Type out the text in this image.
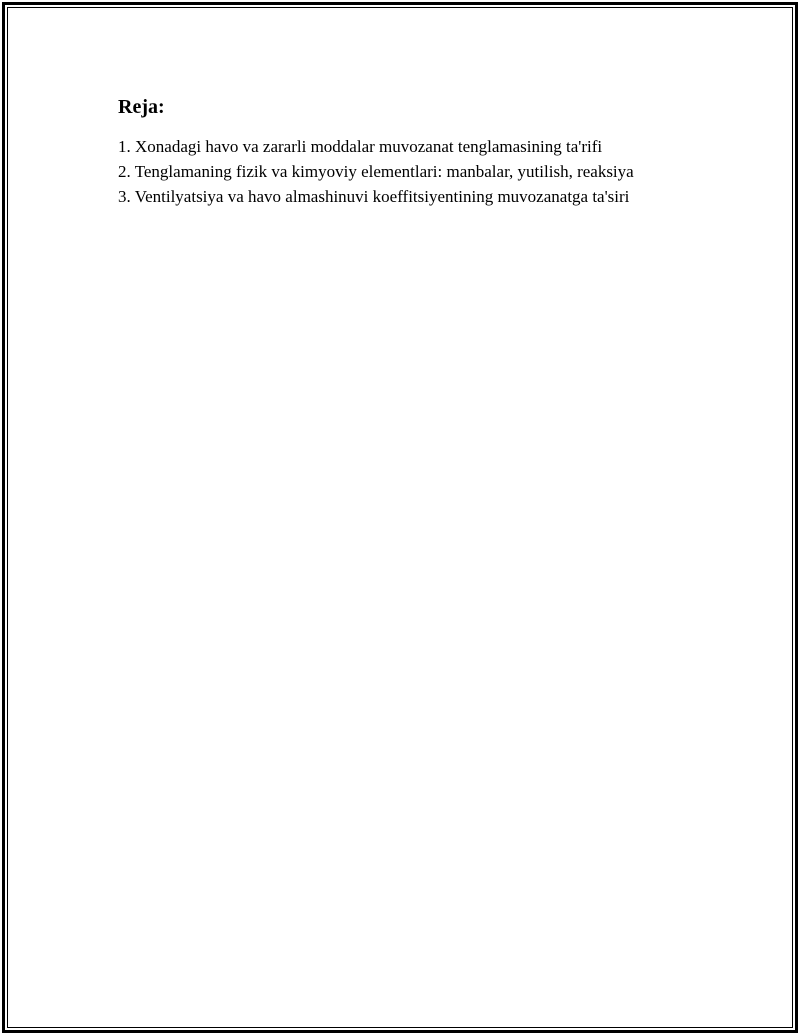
Reja:
1. Xonadagi havo va zararli moddalar muvozanat tenglamasining ta'rifi
2. Tenglamaning fizik va kimyoviy elementlari: manbalar, yutilish, reaksiya
3. Ventilyatsiya va havo almashinuvi koeffitsiyentining muvozanatga ta'siri
